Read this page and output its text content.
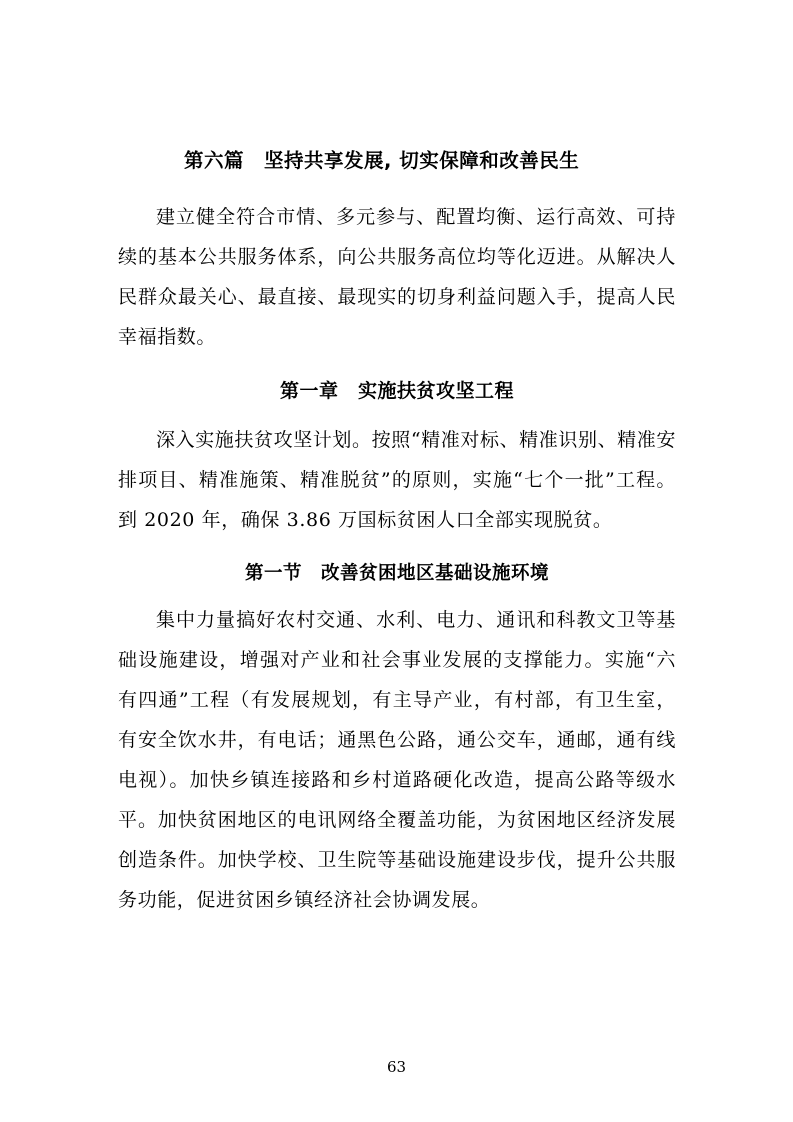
第六篇　坚持共享发展, 切实保障和改善民生

建立健全符合市情、多元参与、配置均衡、运行高效、可持续的基本公共服务体系，向公共服务高位均等化迈进。从解决人民群众最关心、最直接、最现实的切身利益问题入手，提高人民幸福指数。

第一章　实施扶贫攻坚工程

深入实施扶贫攻坚计划。按照“精准对标、精准识别、精准安排项目、精准施策、精准脱贫”的原则，实施“七个一批”工程。到 2020 年，确保 3.86 万国标贫困人口全部实现脱贫。

第一节　改善贫困地区基础设施环境

集中力量搞好农村交通、水利、电力、通讯和科教文卫等基础设施建设，增强对产业和社会事业发展的支撑能力。实施“六有四通”工程（有发展规划，有主导产业，有村部，有卫生室，有安全饮水井，有电话；通黑色公路，通公交车，通邮，通有线电视）。加快乡镇连接路和乡村道路硬化改造，提高公路等级水平。加快贫困地区的电讯网络全覆盖功能，为贫困地区经济发展创造条件。加快学校、卫生院等基础设施建设步伐，提升公共服务功能，促进贫困乡镇经济社会协调发展。

63
